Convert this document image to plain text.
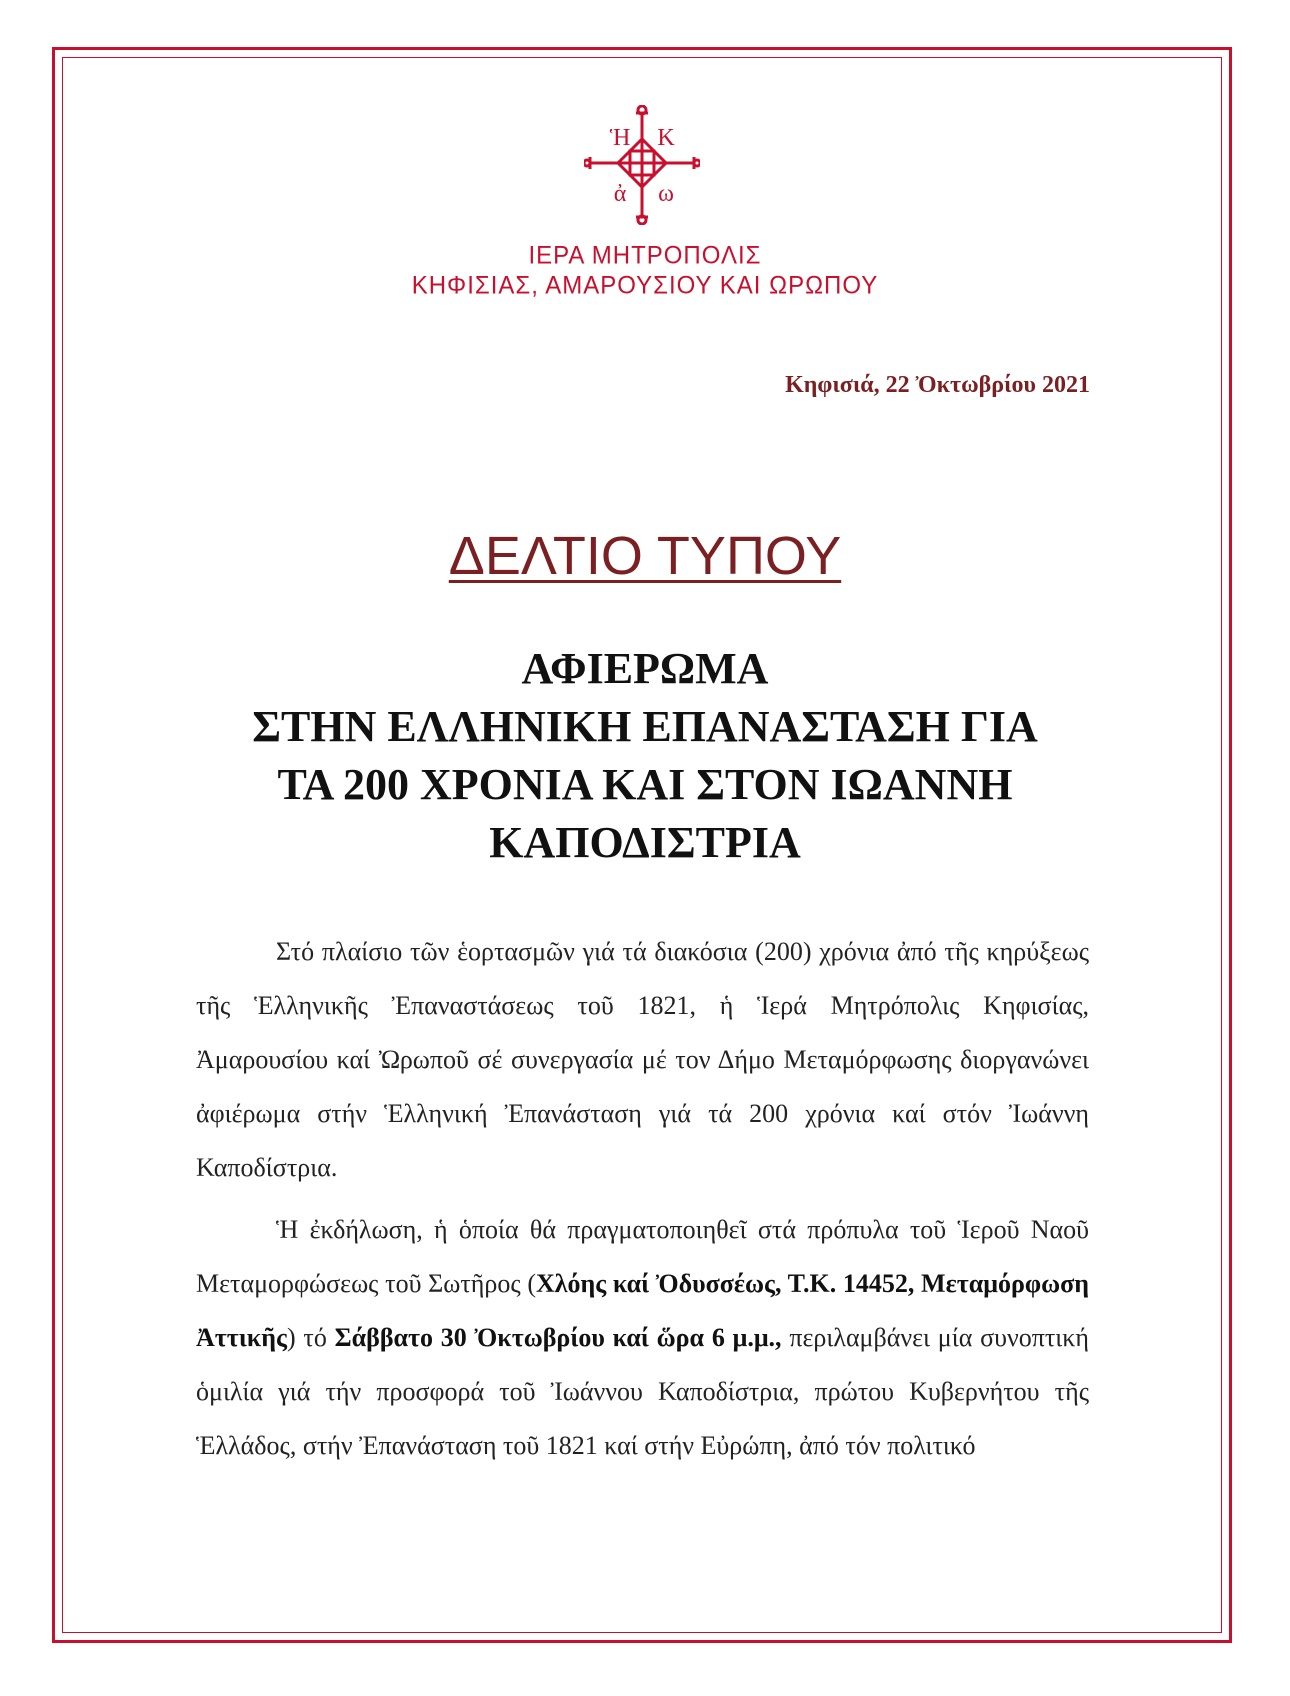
Ἡ Κ
ἀ ω
ΙΕΡΑ ΜΗΤΡΟΠΟΛΙΣ
ΚΗΦΙΣΙΑΣ, ΑΜΑΡΟΥΣΙΟΥ ΚΑΙ ΩΡΩΠΟΥ
Κηφισιά, 22 Ὀκτωβρίου 2021
ΔΕΛΤΙΟ ΤΥΠΟΥ
ΑΦΙΕΡΩΜΑ
ΣΤΗΝ ΕΛΛΗΝΙΚΗ ΕΠΑΝΑΣΤΑΣΗ ΓΙΑ
ΤΑ 200 ΧΡΟΝΙΑ ΚΑΙ ΣΤΟΝ ΙΩΑΝΝΗ
ΚΑΠΟΔΙΣΤΡΙΑ
Στό πλαίσιο τῶν ἑορτασμῶν γιά τά διακόσια (200) χρόνια ἀπό τῆς κηρύξεως τῆς Ἑλληνικῆς Ἐπαναστάσεως τοῦ 1821, ἡ Ἱερά Μητρόπολις Κηφισίας, Ἀμαρουσίου καί Ὠρωποῦ σέ συνεργασία μέ τον Δήμο Μεταμόρφωσης διοργανώνει ἀφιέρωμα στήν Ἑλληνική Ἐπανάσταση γιά τά 200 χρόνια καί στόν Ἰωάννη Καποδίστρια.
Ἡ ἐκδήλωση, ἡ ὁποία θά πραγματοποιηθεῖ στά πρόπυλα τοῦ Ἱεροῦ Ναοῦ Μεταμορφώσεως τοῦ Σωτῆρος (Χλόης καί Ὀδυσσέως, Τ.Κ. 14452, Μεταμόρφωση Ἀττικῆς) τό Σάββατο 30 Ὀκτωβρίου καί ὥρα 6 μ.μ., περιλαμβάνει μία συνοπτική ὁμιλία γιά τήν προσφορά τοῦ Ἰωάννου Καποδίστρια, πρώτου Κυβερνήτου τῆς Ἑλλάδος, στήν Ἐπανάσταση τοῦ 1821 καί στήν Εὐρώπη, ἀπό τόν πολιτικό
